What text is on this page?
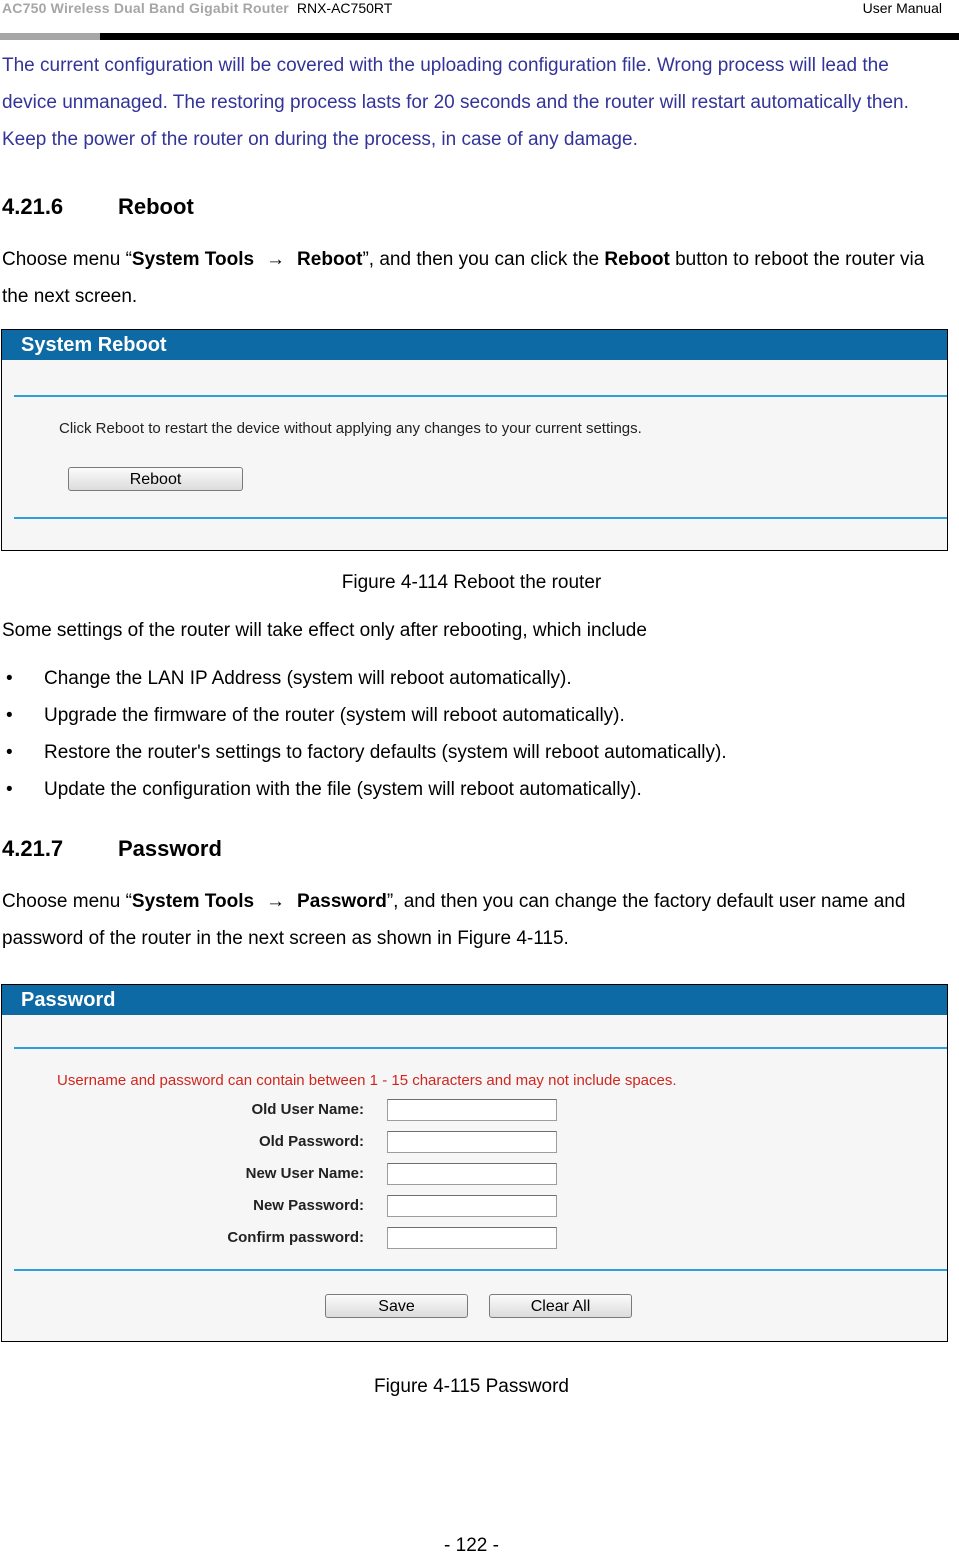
AC750 Wireless Dual Band Gigabit Router RNX-AC750RT	User Manual
The current configuration will be covered with the uploading configuration file. Wrong process will lead the device unmanaged. The restoring process lasts for 20 seconds and the router will restart automatically then. Keep the power of the router on during the process, in case of any damage.
4.21.6 Reboot
Choose menu “System Tools → Reboot”, and then you can click the Reboot button to reboot the router via the next screen.
System Reboot
Click Reboot to restart the device without applying any changes to your current settings.
Reboot
Figure 4-114 Reboot the router
Some settings of the router will take effect only after rebooting, which include
• Change the LAN IP Address (system will reboot automatically).
• Upgrade the firmware of the router (system will reboot automatically).
• Restore the router's settings to factory defaults (system will reboot automatically).
• Update the configuration with the file (system will reboot automatically).
4.21.7 Password
Choose menu “System Tools → Password”, and then you can change the factory default user name and password of the router in the next screen as shown in Figure 4-115.
Password
Username and password can contain between 1 - 15 characters and may not include spaces.
Old User Name:
Old Password:
New User Name:
New Password:
Confirm password:
Save	Clear All
Figure 4-115 Password
- 122 -
